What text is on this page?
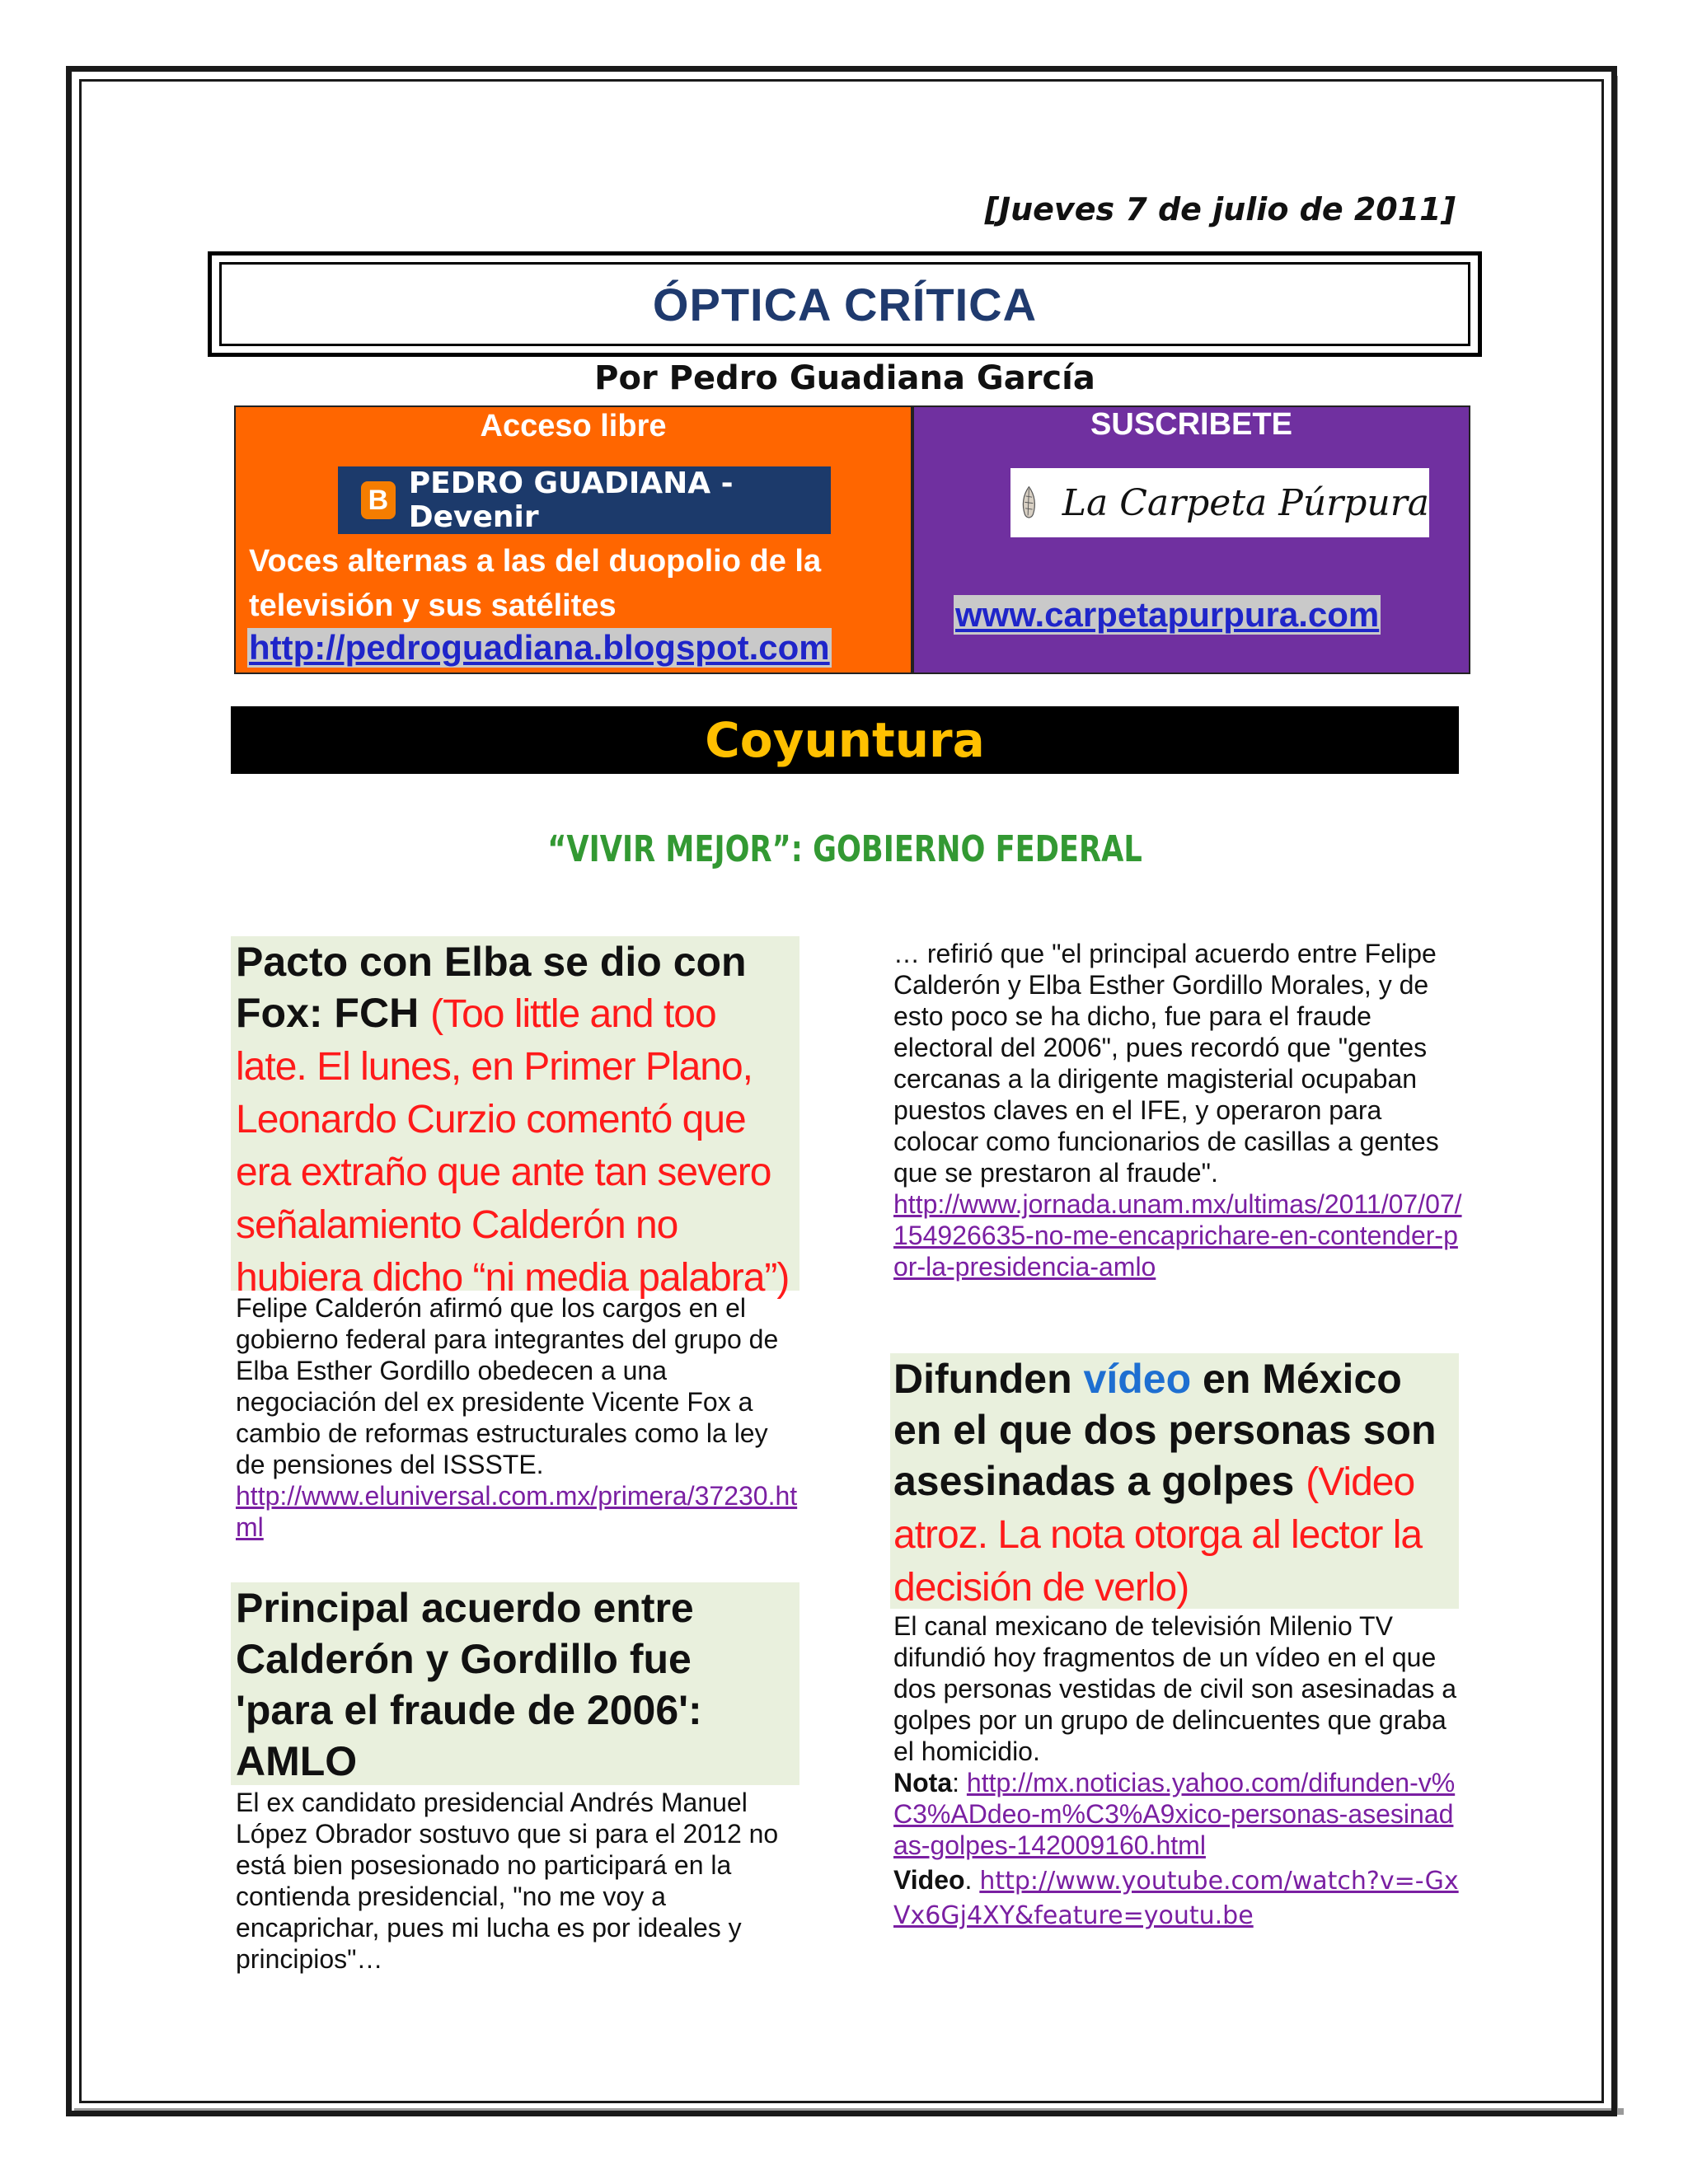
[Jueves 7 de julio de 2011]
ÓPTICA CRÍTICA
Por Pedro Guadiana García
Acceso libre
B PEDRO GUADIANA - Devenir
Voces alternas a las del duopolio de la televisión y sus satélites
http://pedroguadiana.blogspot.com
SUSCRIBETE
La Carpeta Púrpura
www.carpetapurpura.com
Coyuntura
“VIVIR MEJOR”: GOBIERNO FEDERAL
Pacto con Elba se dio con Fox: FCH (Too little and too late. El lunes, en Primer Plano, Leonardo Curzio comentó que era extraño que ante tan severo señalamiento Calderón no hubiera dicho “ni media palabra”)
Felipe Calderón afirmó que los cargos en el gobierno federal para integrantes del grupo de Elba Esther Gordillo obedecen a una negociación del ex presidente Vicente Fox a cambio de reformas estructurales como la ley de pensiones del ISSSTE.
http://www.eluniversal.com.mx/primera/37230.html
Principal acuerdo entre Calderón y Gordillo fue 'para el fraude de 2006': AMLO
El ex candidato presidencial Andrés Manuel López Obrador sostuvo que si para el 2012 no está bien posesionado no participará en la contienda presidencial, "no me voy a encaprichar, pues mi lucha es por ideales y principios"…
… refirió que "el principal acuerdo entre Felipe Calderón y Elba Esther Gordillo Morales, y de esto poco se ha dicho, fue para el fraude electoral del 2006", pues recordó que "gentes cercanas a la dirigente magisterial ocupaban puestos claves en el IFE, y operaron para colocar como funcionarios de casillas a gentes que se prestaron al fraude".
http://www.jornada.unam.mx/ultimas/2011/07/07/154926635-no-me-encaprichare-en-contender-por-la-presidencia-amlo
Difunden vídeo en México en el que dos personas son asesinadas a golpes (Video atroz. La nota otorga al lector la decisión de verlo)
El canal mexicano de televisión Milenio TV difundió hoy fragmentos de un vídeo en el que dos personas vestidas de civil son asesinadas a golpes por un grupo de delincuentes que graba el homicidio.
Nota: http://mx.noticias.yahoo.com/difunden-v%C3%ADdeo-m%C3%A9xico-personas-asesinadas-golpes-142009160.html
Video. http://www.youtube.com/watch?v=-GxVx6Gj4XY&feature=youtu.be
